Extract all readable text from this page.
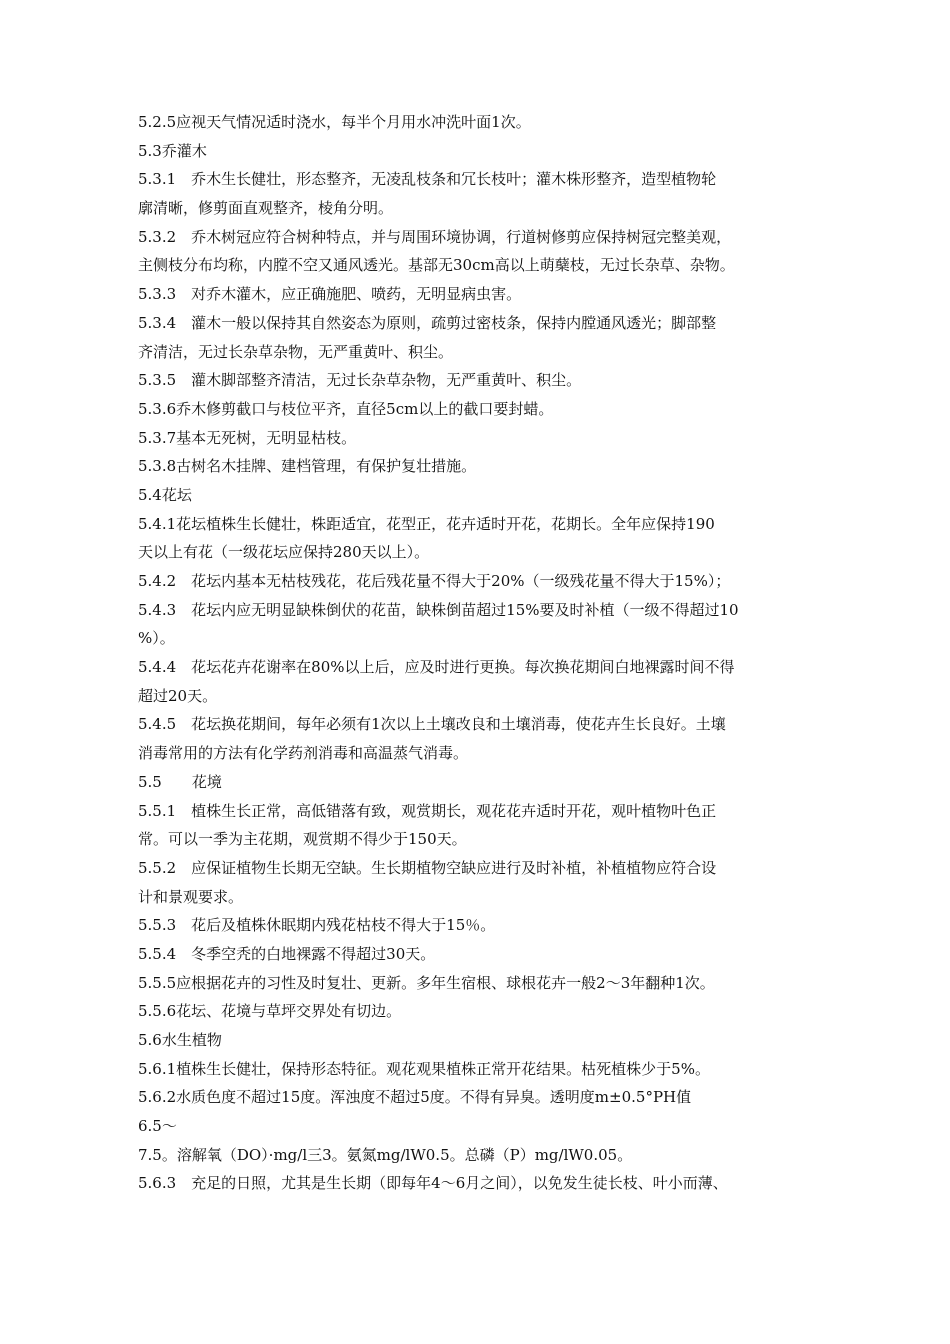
5.2.5应视天气情况适时浇水，每半个月用水冲洗叶面1次。
5.3乔灌木
5.3.1　乔木生长健壮，形态整齐，无凌乱枝条和冗长枝叶；灌木株形整齐，造型植物轮
廓清晰，修剪面直观整齐，棱角分明。
5.3.2　乔木树冠应符合树种特点，并与周围环境协调，行道树修剪应保持树冠完整美观，
主侧枝分布均称，内膛不空又通风透光。基部无30cm高以上萌蘖枝，无过长杂草、杂物。
5.3.3　对乔木灌木，应正确施肥、喷药，无明显病虫害。
5.3.4　灌木一般以保持其自然姿态为原则，疏剪过密枝条，保持内膛通风透光；脚部整
齐清洁，无过长杂草杂物，无严重黄叶、积尘。
5.3.5　灌木脚部整齐清洁，无过长杂草杂物，无严重黄叶、积尘。
5.3.6乔木修剪截口与枝位平齐，直径5cm以上的截口要封蜡。
5.3.7基本无死树，无明显枯枝。
5.3.8古树名木挂牌、建档管理，有保护复壮措施。
5.4花坛
5.4.1花坛植株生长健壮，株距适宜，花型正，花卉适时开花，花期长。全年应保持190
天以上有花（一级花坛应保持280天以上）。
5.4.2　花坛内基本无枯枝残花，花后残花量不得大于20%（一级残花量不得大于15%）；
5.4.3　花坛内应无明显缺株倒伏的花苗，缺株倒苗超过15%要及时补植（一级不得超过10
%）。
5.4.4　花坛花卉花谢率在80%以上后，应及时进行更换。每次换花期间白地裸露时间不得
超过20天。
5.4.5　花坛换花期间，每年必须有1次以上土壤改良和土壤消毒，使花卉生长良好。土壤
消毒常用的方法有化学药剂消毒和高温蒸气消毒。
5.5　　花境
5.5.1　植株生长正常，高低错落有致，观赏期长，观花花卉适时开花，观叶植物叶色正
常。可以一季为主花期，观赏期不得少于150天。
5.5.2　应保证植物生长期无空缺。生长期植物空缺应进行及时补植，补植植物应符合设
计和景观要求。
5.5.3　花后及植株休眠期内残花枯枝不得大于15％。
5.5.4　冬季空秃的白地裸露不得超过30天。
5.5.5应根据花卉的习性及时复壮、更新。多年生宿根、球根花卉一般2〜3年翻种1次。
5.5.6花坛、花境与草坪交界处有切边。
5.6水生植物
5.6.1植株生长健壮，保持形态特征。观花观果植株正常开花结果。枯死植株少于5%。
5.6.2水质色度不超过15度。浑浊度不超过5度。不得有异臭。透明度m±0.5°PH值
6.5〜
7.5。溶解氧（DO）·mg/l三3。氨氮mg/lW0.5。总磷（P）mg/lW0.05。
5.6.3　充足的日照，尤其是生长期（即每年4〜6月之间），以免发生徒长枝、叶小而薄、
